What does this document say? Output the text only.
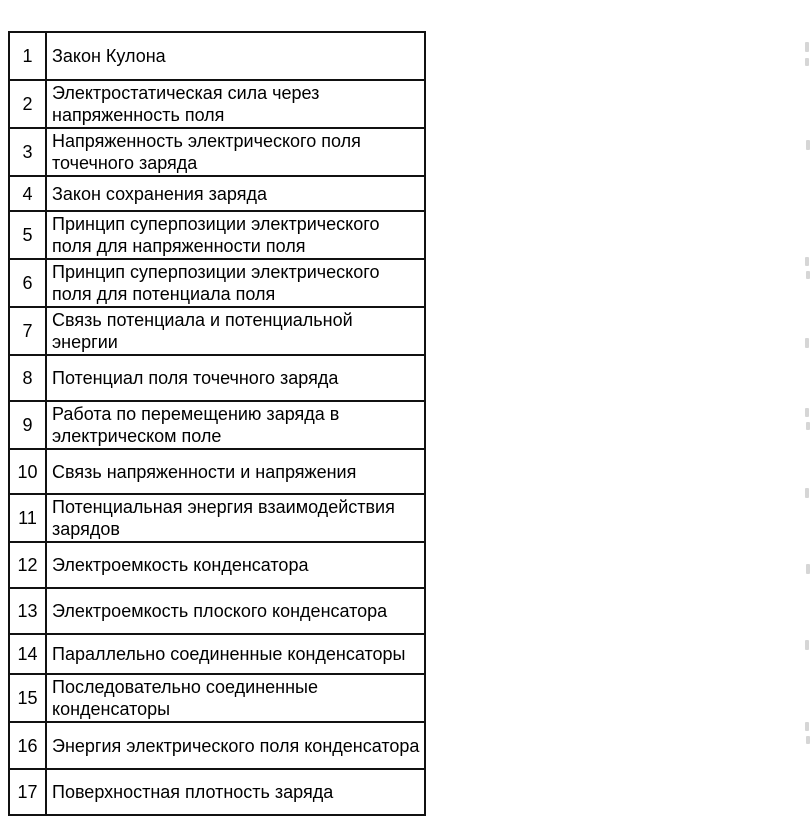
1	Закон Кулона
2	Электростатическая сила через напряженность поля
3	Напряженность электрического поля точечного заряда
4	Закон сохранения заряда
5	Принцип суперпозиции электрического поля для напряженности поля
6	Принцип суперпозиции электрического поля для потенциала поля
7	Связь потенциала и потенциальной энергии
8	Потенциал поля точечного заряда
9	Работа по перемещению заряда в электрическом поле
10	Связь напряженности и напряжения
11	Потенциальная энергия взаимодействия зарядов
12	Электроемкость конденсатора
13	Электроемкость плоского конденсатора
14	Параллельно соединенные конденсаторы
15	Последовательно соединенные конденсаторы
16	Энергия электрического поля конденсатора
17	Поверхностная плотность заряда
